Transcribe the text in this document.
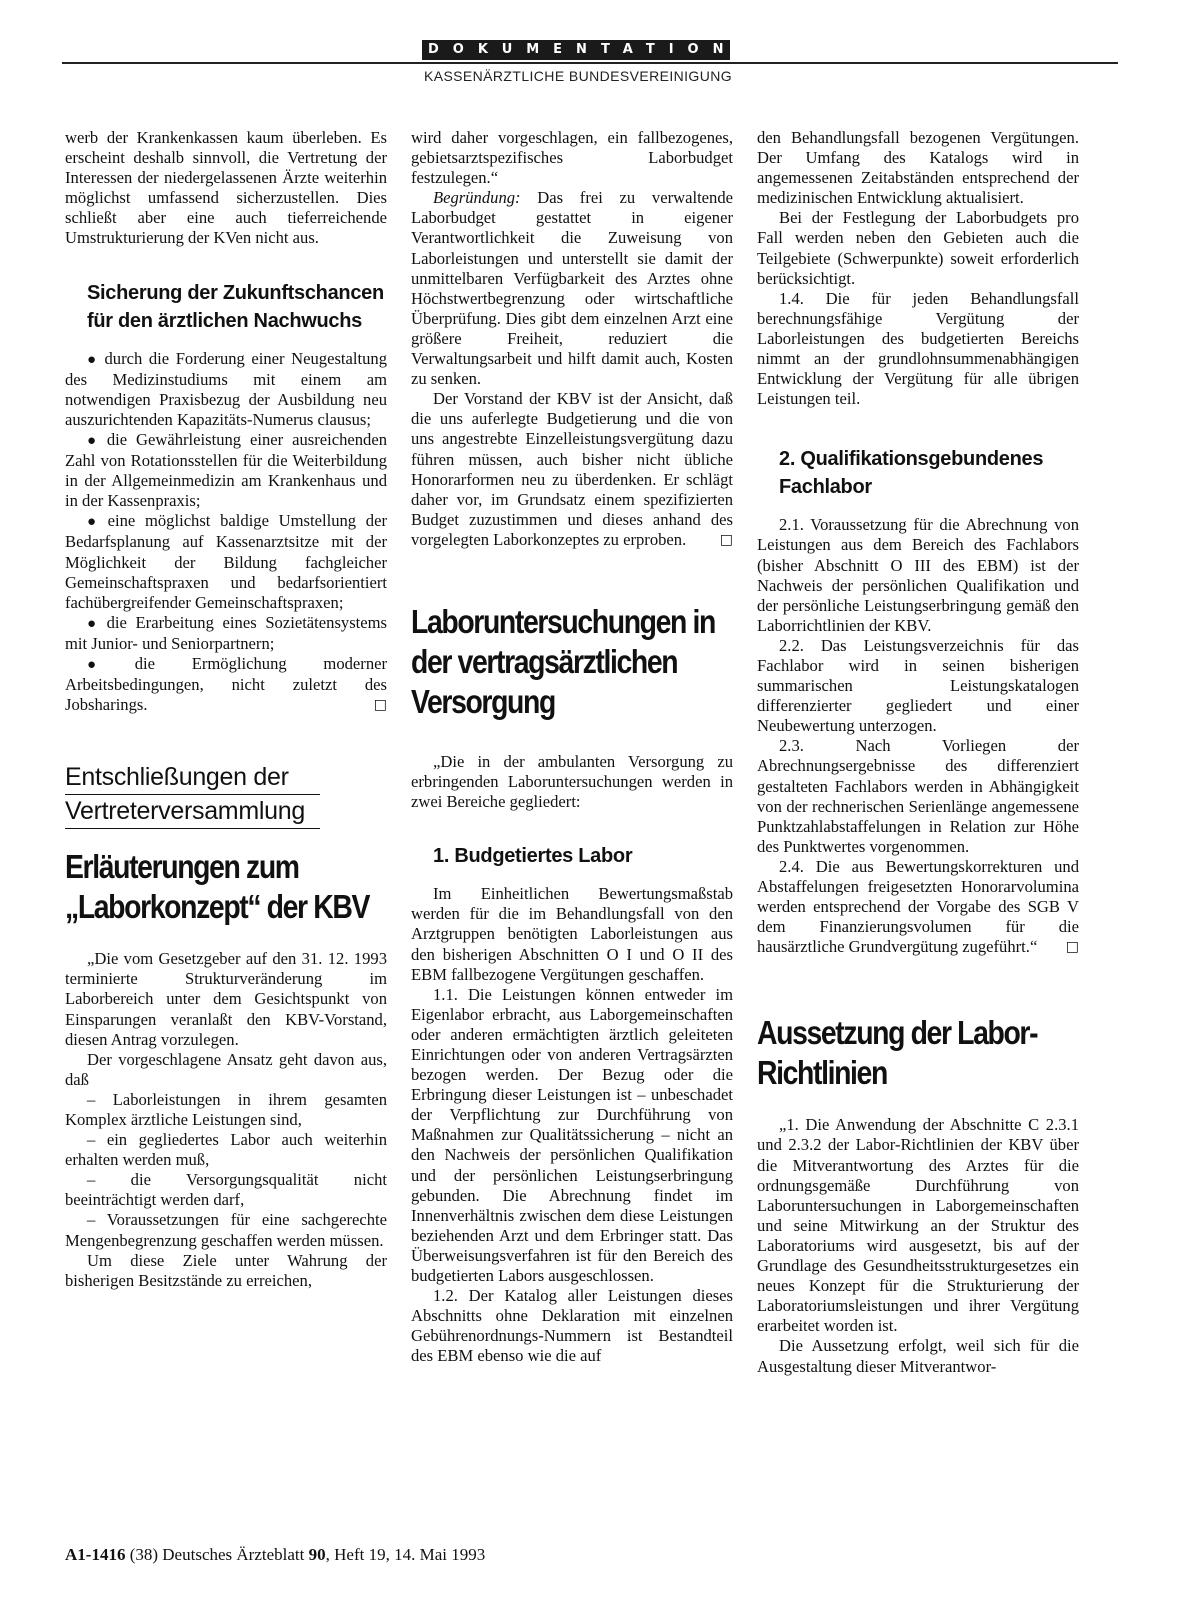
DOKUMENTATION
KASSENÄRZTLICHE BUNDESVEREINIGUNG

werb der Krankenkassen kaum überleben. Es erscheint deshalb sinnvoll, die Vertretung der Interessen der niedergelassenen Ärzte weiterhin möglichst umfassend sicherzustellen. Dies schließt aber eine auch tieferreichende Umstrukturierung der KVen nicht aus.

Sicherung der Zukunftschancen für den ärztlichen Nachwuchs

● durch die Forderung einer Neugestaltung des Medizinstudiums mit einem am notwendigen Praxisbezug der Ausbildung neu auszurichtenden Kapazitäts-Numerus clausus;

● die Gewährleistung einer ausreichenden Zahl von Rotationsstellen für die Weiterbildung in der Allgemeinmedizin am Krankenhaus und in der Kassenpraxis;

● eine möglichst baldige Umstellung der Bedarfsplanung auf Kassenarztsitze mit der Möglichkeit der Bildung fachgleicher Gemeinschaftspraxen und bedarfsorientiert fachübergreifender Gemeinschaftspraxen;

● die Erarbeitung eines Sozietätensystems mit Junior- und Seniorpartnern;

● die Ermöglichung moderner Arbeitsbedingungen, nicht zuletzt des Jobsharings.	□

Entschließungen der
Vertreterversammlung
Erläuterungen zum „Laborkonzept“ der KBV

„Die vom Gesetzgeber auf den 31. 12. 1993 terminierte Strukturveränderung im Laborbereich unter dem Gesichtspunkt von Einsparungen veranlaßt den KBV-Vorstand, diesen Antrag vorzulegen.

Der vorgeschlagene Ansatz geht davon aus, daß

– Laborleistungen in ihrem gesamten Komplex ärztliche Leistungen sind,

– ein gegliedertes Labor auch weiterhin erhalten werden muß,

– die Versorgungsqualität nicht beeinträchtigt werden darf,

– Voraussetzungen für eine sachgerechte Mengenbegrenzung geschaffen werden müssen.

Um diese Ziele unter Wahrung der bisherigen Besitzstände zu erreichen,

wird daher vorgeschlagen, ein fallbezogenes, gebietsarztspezifisches Laborbudget festzulegen.“

Begründung: Das frei zu verwaltende Laborbudget gestattet in eigener Verantwortlichkeit die Zuweisung von Laborleistungen und unterstellt sie damit der unmittelbaren Verfügbarkeit des Arztes ohne Höchstwertbegrenzung oder wirtschaftliche Überprüfung. Dies gibt dem einzelnen Arzt eine größere Freiheit, reduziert die Verwaltungsarbeit und hilft damit auch, Kosten zu senken.

Der Vorstand der KBV ist der Ansicht, daß die uns auferlegte Budgetierung und die von uns angestrebte Einzelleistungsvergütung dazu führen müssen, auch bisher nicht übliche Honorarformen neu zu überdenken. Er schlägt daher vor, im Grundsatz einem spezifizierten Budget zuzustimmen und dieses anhand des vorgelegten Laborkonzeptes zu erproben.	□

Laboruntersuchungen in der vertragsärztlichen Versorgung

„Die in der ambulanten Versorgung zu erbringenden Laboruntersuchungen werden in zwei Bereiche gegliedert:

1. Budgetiertes Labor

Im Einheitlichen Bewertungsmaßstab werden für die im Behandlungsfall von den Arztgruppen benötigten Laborleistungen aus den bisherigen Abschnitten O I und O II des EBM fallbezogene Vergütungen geschaffen.

1.1. Die Leistungen können entweder im Eigenlabor erbracht, aus Laborgemeinschaften oder anderen ermächtigten ärztlich geleiteten Einrichtungen oder von anderen Vertragsärzten bezogen werden. Der Bezug oder die Erbringung dieser Leistungen ist – unbeschadet der Verpflichtung zur Durchführung von Maßnahmen zur Qualitätssicherung – nicht an den Nachweis der persönlichen Qualifikation und der persönlichen Leistungserbringung gebunden. Die Abrechnung findet im Innenverhältnis zwischen dem diese Leistungen beziehenden Arzt und dem Erbringer statt. Das Überweisungsverfahren ist für den Bereich des budgetierten Labors ausgeschlossen.

1.2. Der Katalog aller Leistungen dieses Abschnitts ohne Deklaration mit einzelnen Gebührenordnungs-Nummern ist Bestandteil des EBM ebenso wie die auf

den Behandlungsfall bezogenen Vergütungen. Der Umfang des Katalogs wird in angemessenen Zeitabständen entsprechend der medizinischen Entwicklung aktualisiert.

Bei der Festlegung der Laborbudgets pro Fall werden neben den Gebieten auch die Teilgebiete (Schwerpunkte) soweit erforderlich berücksichtigt.

1.4. Die für jeden Behandlungsfall berechnungsfähige Vergütung der Laborleistungen des budgetierten Bereichs nimmt an der grundlohnsummenabhängigen Entwicklung der Vergütung für alle übrigen Leistungen teil.

2. Qualifikationsgebundenes Fachlabor

2.1. Voraussetzung für die Abrechnung von Leistungen aus dem Bereich des Fachlabors (bisher Abschnitt O III des EBM) ist der Nachweis der persönlichen Qualifikation und der persönliche Leistungserbringung gemäß den Laborrichtlinien der KBV.

2.2. Das Leistungsverzeichnis für das Fachlabor wird in seinen bisherigen summarischen Leistungskatalogen differenzierter gegliedert und einer Neubewertung unterzogen.

2.3. Nach Vorliegen der Abrechnungsergebnisse des differenziert gestalteten Fachlabors werden in Abhängigkeit von der rechnerischen Serienlänge angemessene Punktzahlabstaffelungen in Relation zur Höhe des Punktwertes vorgenommen.

2.4. Die aus Bewertungskorrekturen und Abstaffelungen freigesetzten Honorarvolumina werden entsprechend der Vorgabe des SGB V dem Finanzierungsvolumen für die hausärztliche Grundvergütung zugeführt.“	□

Aussetzung der Labor-Richtlinien

„1. Die Anwendung der Abschnitte C 2.3.1 und 2.3.2 der Labor-Richtlinien der KBV über die Mitverantwortung des Arztes für die ordnungsgemäße Durchführung von Laboruntersuchungen in Laborgemeinschaften und seine Mitwirkung an der Struktur des Laboratoriums wird ausgesetzt, bis auf der Grundlage des Gesundheitsstrukturgesetzes ein neues Konzept für die Strukturierung der Laboratoriumsleistungen und ihrer Vergütung erarbeitet worden ist.

Die Aussetzung erfolgt, weil sich für die Ausgestaltung dieser Mitverantwor-

A1-1416 (38) Deutsches Ärzteblatt 90, Heft 19, 14. Mai 1993
